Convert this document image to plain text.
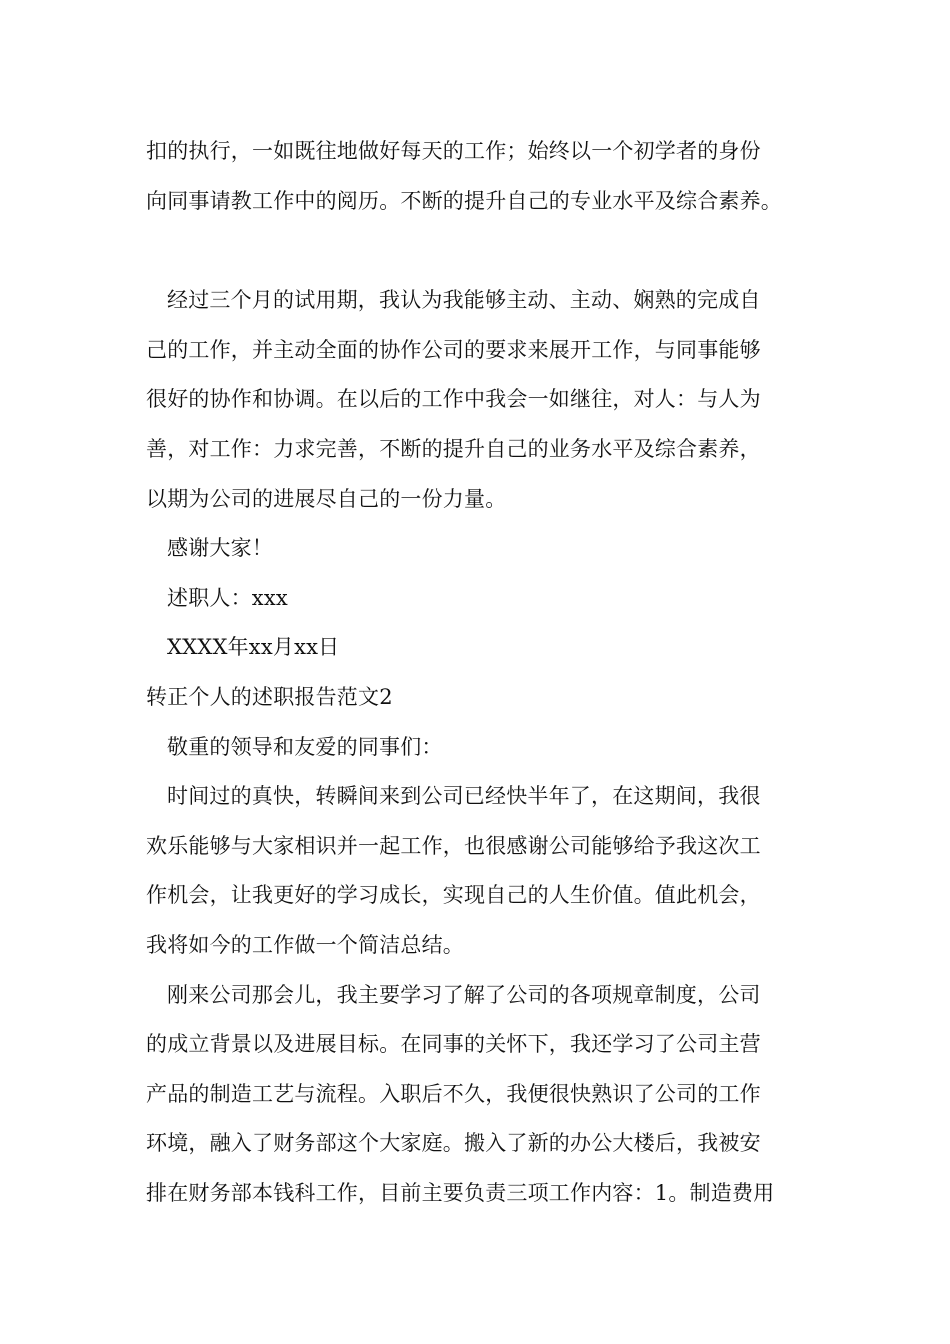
扣的执行，一如既往地做好每天的工作；始终以一个初学者的身份
向同事请教工作中的阅历。不断的提升自己的专业水平及综合素养。
经过三个月的试用期，我认为我能够主动、主动、娴熟的完成自
己的工作，并主动全面的协作公司的要求来展开工作，与同事能够
很好的协作和协调。在以后的工作中我会一如继往，对人：与人为
善，对工作：力求完善，不断的提升自己的业务水平及综合素养，
以期为公司的进展尽自己的一份力量。
感谢大家！
述职人：xxx
XXXX年xx月xx日
转正个人的述职报告范文2
敬重的领导和友爱的同事们：
时间过的真快，转瞬间来到公司已经快半年了，在这期间，我很
欢乐能够与大家相识并一起工作，也很感谢公司能够给予我这次工
作机会，让我更好的学习成长，实现自己的人生价值。值此机会，
我将如今的工作做一个简洁总结。
刚来公司那会儿，我主要学习了解了公司的各项规章制度，公司
的成立背景以及进展目标。在同事的关怀下，我还学习了公司主营
产品的制造工艺与流程。入职后不久，我便很快熟识了公司的工作
环境，融入了财务部这个大家庭。搬入了新的办公大楼后，我被安
排在财务部本钱科工作，目前主要负责三项工作内容：1。制造费用
